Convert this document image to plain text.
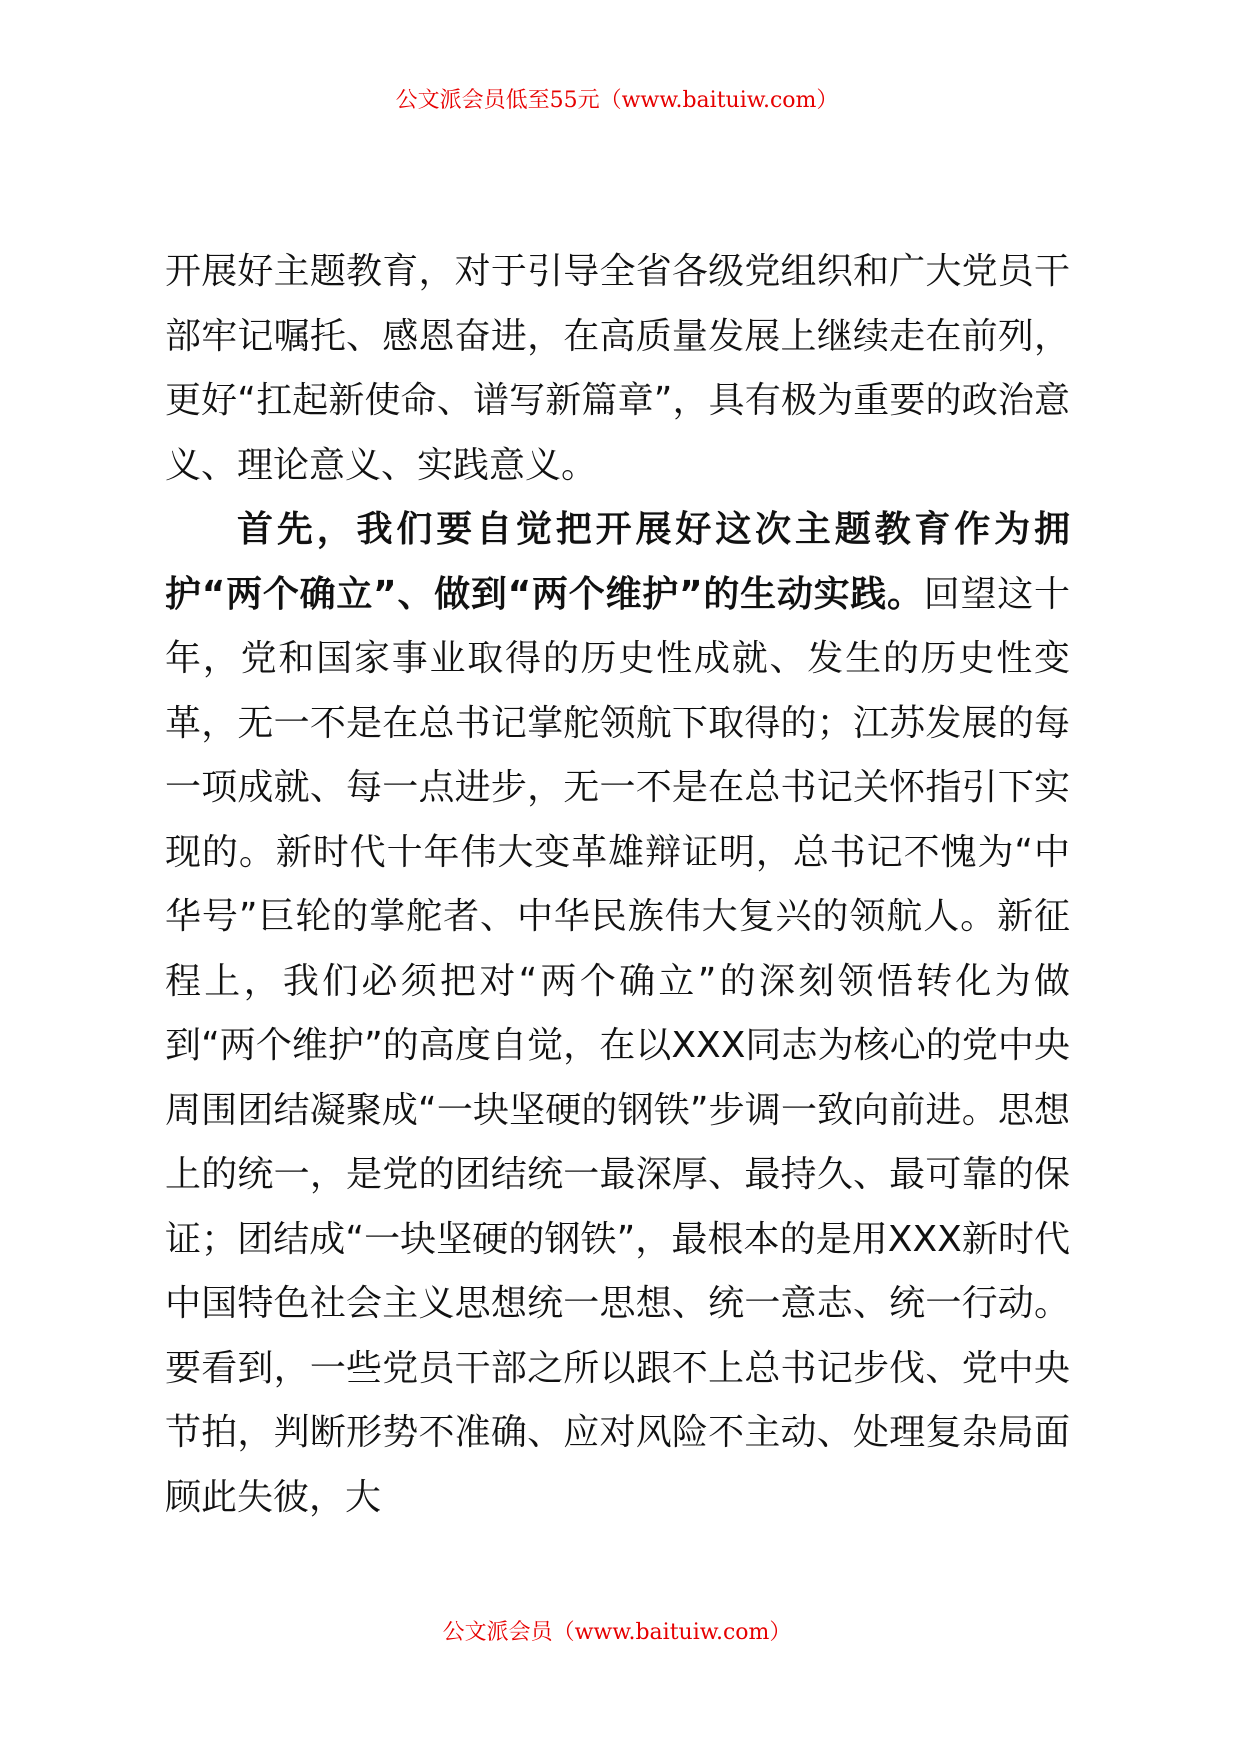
公文派会员低至55元（www.baituiw.com）

开展好主题教育，对于引导全省各级党组织和广大党员干部牢记嘱托、感恩奋进，在高质量发展上继续走在前列，更好“扛起新使命、谱写新篇章”，具有极为重要的政治意义、理论意义、实践意义。

首先，我们要自觉把开展好这次主题教育作为拥护“两个确立”、做到“两个维护”的生动实践。回望这十年，党和国家事业取得的历史性成就、发生的历史性变革，无一不是在总书记掌舵领航下取得的；江苏发展的每一项成就、每一点进步，无一不是在总书记关怀指引下实现的。新时代十年伟大变革雄辩证明，总书记不愧为“中华号”巨轮的掌舵者、中华民族伟大复兴的领航人。新征程上，我们必须把对“两个确立”的深刻领悟转化为做到“两个维护”的高度自觉，在以XXX同志为核心的党中央周围团结凝聚成“一块坚硬的钢铁”步调一致向前进。思想上的统一，是党的团结统一最深厚、最持久、最可靠的保证；团结成“一块坚硬的钢铁”，最根本的是用XXX新时代中国特色社会主义思想统一思想、统一意志、统一行动。要看到，一些党员干部之所以跟不上总书记步伐、党中央节拍，判断形势不准确、应对风险不主动、处理复杂局面顾此失彼，大

公文派会员（www.baituiw.com）
